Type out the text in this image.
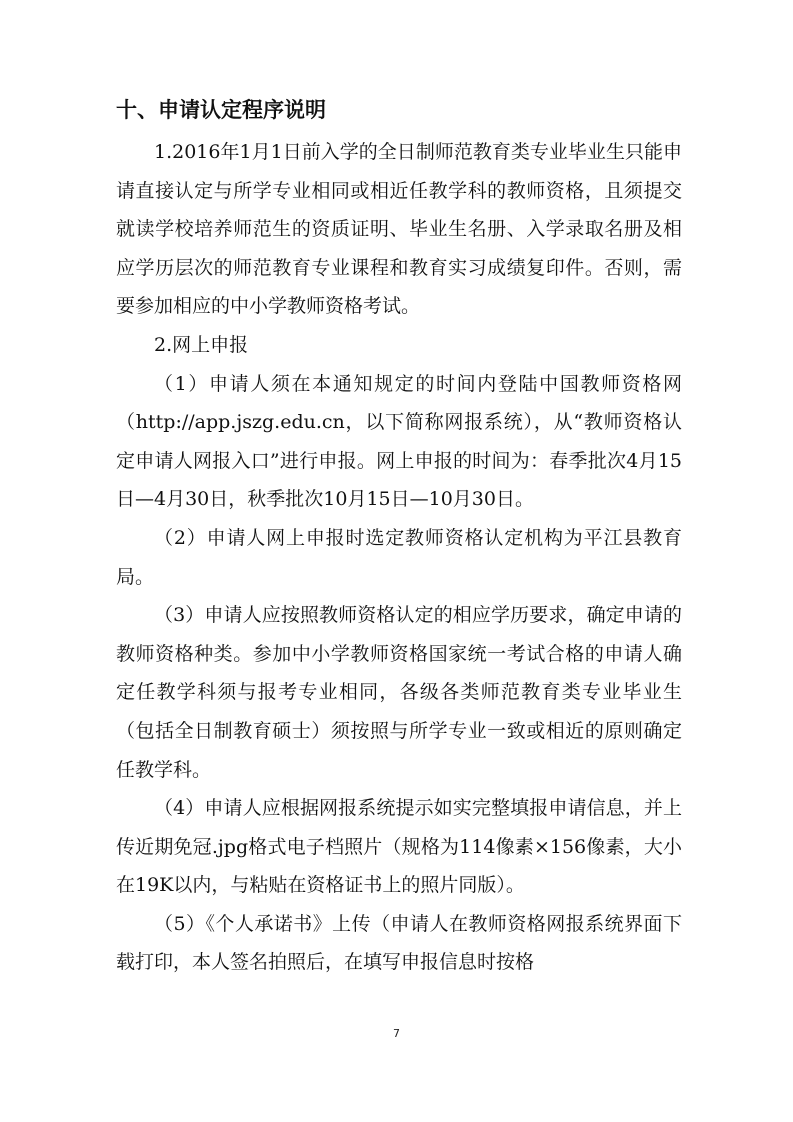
十、申请认定程序说明

1.2016年1月1日前入学的全日制师范教育类专业毕业生只能申请直接认定与所学专业相同或相近任教学科的教师资格，且须提交就读学校培养师范生的资质证明、毕业生名册、入学录取名册及相应学历层次的师范教育专业课程和教育实习成绩复印件。否则，需要参加相应的中小学教师资格考试。

2.网上申报

（1）申请人须在本通知规定的时间内登陆中国教师资格网（http://app.jszg.edu.cn，以下简称网报系统），从“教师资格认定申请人网报入口”进行申报。网上申报的时间为：春季批次4月15日—4月30日，秋季批次10月15日—10月30日。

（2）申请人网上申报时选定教师资格认定机构为平江县教育局。

（3）申请人应按照教师资格认定的相应学历要求，确定申请的教师资格种类。参加中小学教师资格国家统一考试合格的申请人确定任教学科须与报考专业相同，各级各类师范教育类专业毕业生（包括全日制教育硕士）须按照与所学专业一致或相近的原则确定任教学科。

（4）申请人应根据网报系统提示如实完整填报申请信息，并上传近期免冠.jpg格式电子档照片（规格为114像素×156像素，大小在19K以内，与粘贴在资格证书上的照片同版）。

（5）《个人承诺书》上传（申请人在教师资格网报系统界面下载打印，本人签名拍照后，在填写申报信息时按格

7
